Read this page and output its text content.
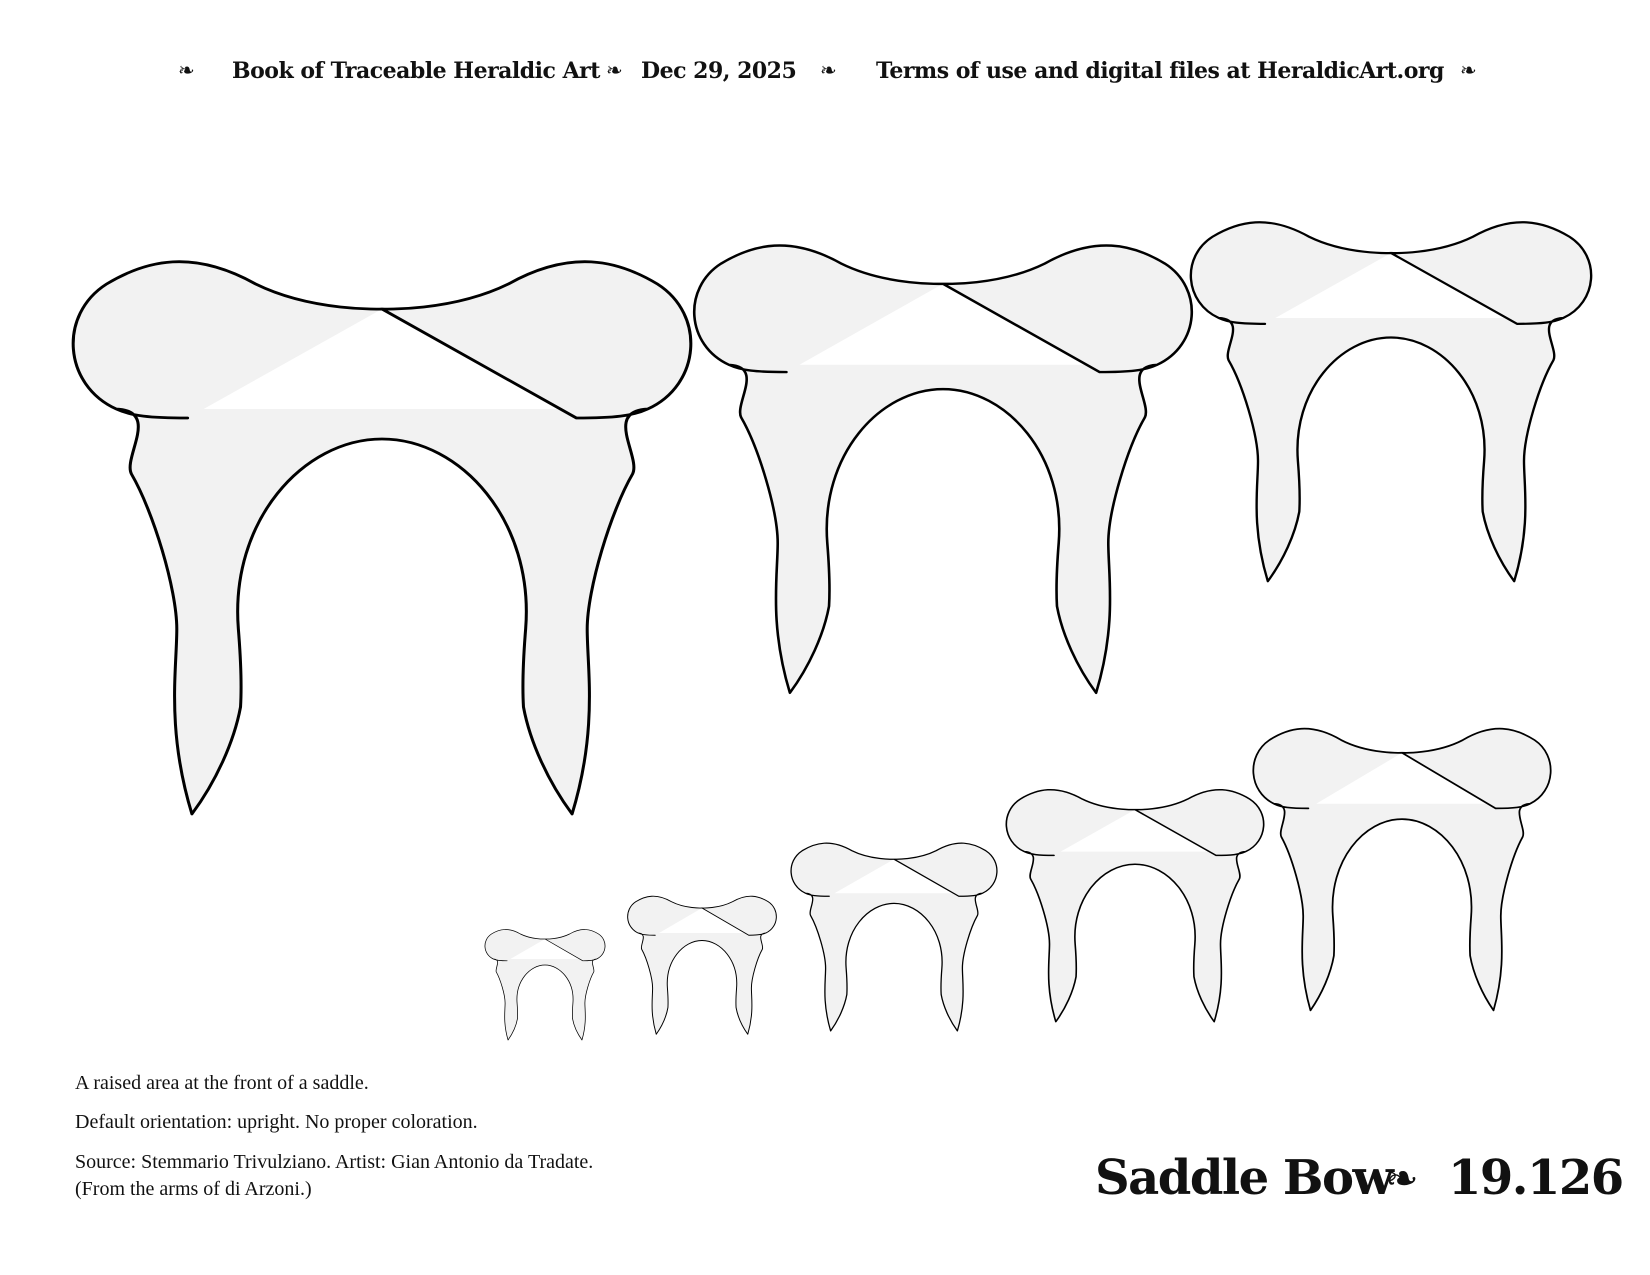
❧ Book of Traceable Heraldic Art ❧ Dec 29, 2025 ❧ Terms of use and digital files at HeraldicArt.org ❧
A raised area at the front of a saddle.
Default orientation: upright. No proper coloration.
Source: Stemmario Trivulziano. Artist: Gian Antonio da Tradate.
(From the arms of di Arzoni.)	Saddle Bow
❧ 19.126
